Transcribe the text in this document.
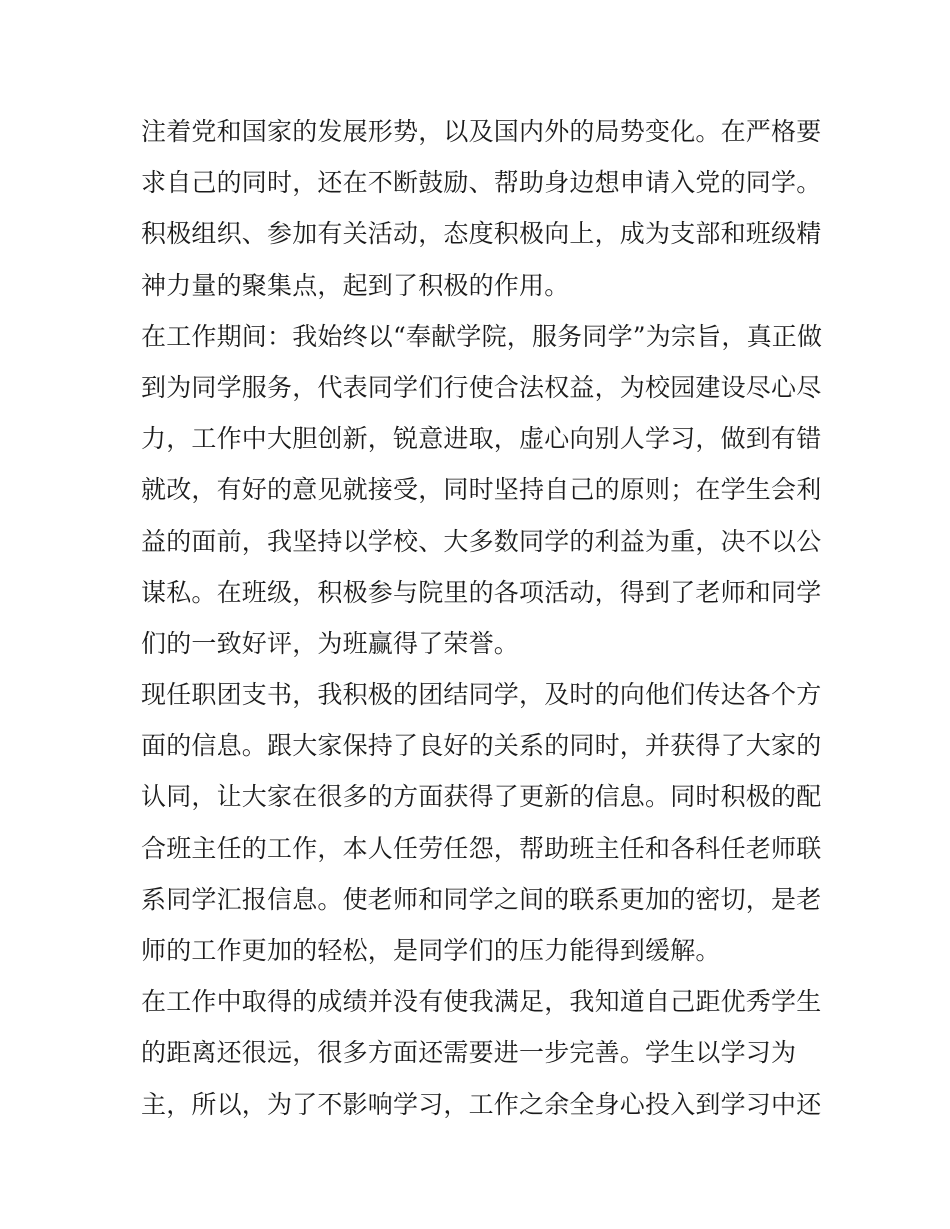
注着党和国家的发展形势，以及国内外的局势变化。在严格要
求自己的同时，还在不断鼓励、帮助身边想申请入党的同学。
积极组织、参加有关活动，态度积极向上，成为支部和班级精
神力量的聚集点，起到了积极的作用。
在工作期间：我始终以“奉献学院，服务同学”为宗旨，真正做
到为同学服务，代表同学们行使合法权益，为校园建设尽心尽
力，工作中大胆创新，锐意进取，虚心向别人学习，做到有错
就改，有好的意见就接受，同时坚持自己的原则；在学生会利
益的面前，我坚持以学校、大多数同学的利益为重，决不以公
谋私。在班级，积极参与院里的各项活动，得到了老师和同学
们的一致好评，为班赢得了荣誉。
现任职团支书，我积极的团结同学，及时的向他们传达各个方
面的信息。跟大家保持了良好的关系的同时，并获得了大家的
认同，让大家在很多的方面获得了更新的信息。同时积极的配
合班主任的工作，本人任劳任怨，帮助班主任和各科任老师联
系同学汇报信息。使老师和同学之间的联系更加的密切，是老
师的工作更加的轻松，是同学们的压力能得到缓解。
在工作中取得的成绩并没有使我满足，我知道自己距优秀学生
的距离还很远，很多方面还需要进一步完善。学生以学习为
主，所以，为了不影响学习，工作之余全身心投入到学习中还
